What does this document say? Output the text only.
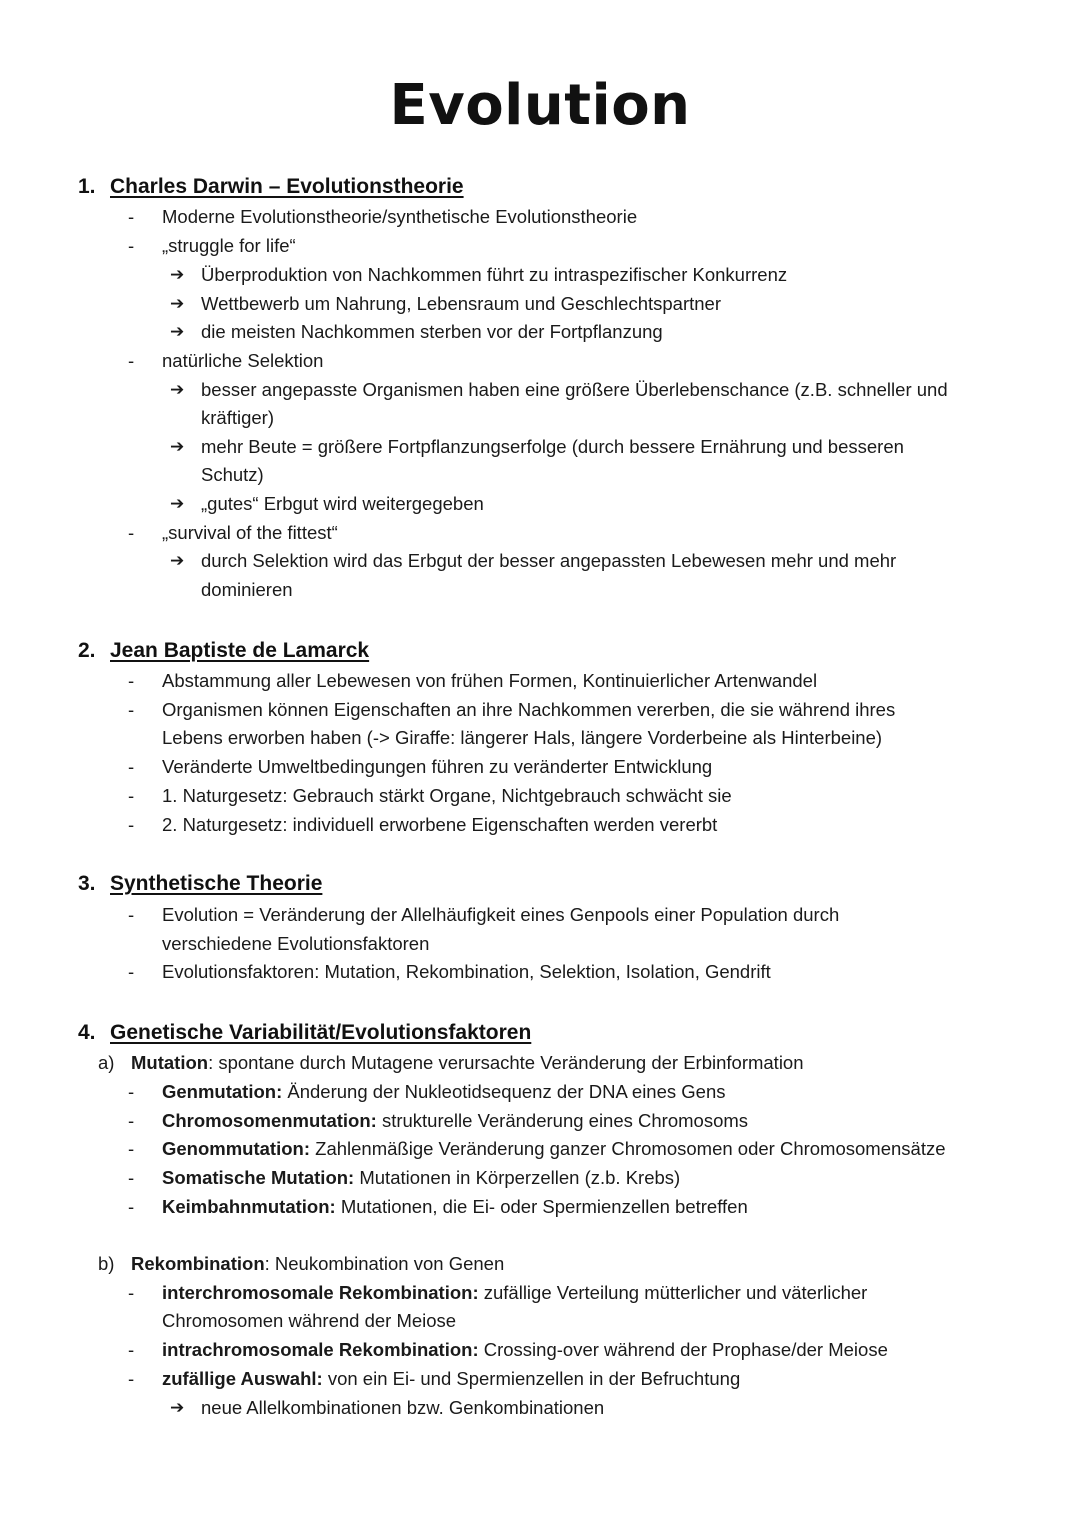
Evolution
1. Charles Darwin – Evolutionstheorie
- Moderne Evolutionstheorie/synthetische Evolutionstheorie
- „struggle for life“
➔ Überproduktion von Nachkommen führt zu intraspezifischer Konkurrenz
➔ Wettbewerb um Nahrung, Lebensraum und Geschlechtspartner
➔ die meisten Nachkommen sterben vor der Fortpflanzung
- natürliche Selektion
➔ besser angepasste Organismen haben eine größere Überlebenschance (z.B. schneller und
kräftiger)
➔ mehr Beute = größere Fortpflanzungserfolge (durch bessere Ernährung und besseren
Schutz)
➔ „gutes“ Erbgut wird weitergegeben
- „survival of the fittest“
➔ durch Selektion wird das Erbgut der besser angepassten Lebewesen mehr und mehr
dominieren
2. Jean Baptiste de Lamarck
- Abstammung aller Lebewesen von frühen Formen, Kontinuierlicher Artenwandel
- Organismen können Eigenschaften an ihre Nachkommen vererben, die sie während ihres
Lebens erworben haben (-> Giraffe: längerer Hals, längere Vorderbeine als Hinterbeine)
- Veränderte Umweltbedingungen führen zu veränderter Entwicklung
- 1. Naturgesetz: Gebrauch stärkt Organe, Nichtgebrauch schwächt sie
- 2. Naturgesetz: individuell erworbene Eigenschaften werden vererbt
3. Synthetische Theorie
- Evolution = Veränderung der Allelhäufigkeit eines Genpools einer Population durch
verschiedene Evolutionsfaktoren
- Evolutionsfaktoren: Mutation, Rekombination, Selektion, Isolation, Gendrift
4. Genetische Variabilität/Evolutionsfaktoren
a) Mutation: spontane durch Mutagene verursachte Veränderung der Erbinformation
- Genmutation: Änderung der Nukleotidsequenz der DNA eines Gens
- Chromosomenmutation: strukturelle Veränderung eines Chromosoms
- Genommutation: Zahlenmäßige Veränderung ganzer Chromosomen oder Chromosomensätze
- Somatische Mutation: Mutationen in Körperzellen (z.b. Krebs)
- Keimbahnmutation: Mutationen, die Ei- oder Spermienzellen betreffen
b) Rekombination: Neukombination von Genen
- interchromosomale Rekombination: zufällige Verteilung mütterlicher und väterlicher
Chromosomen während der Meiose
- intrachromosomale Rekombination: Crossing-over während der Prophase/der Meiose
- zufällige Auswahl: von ein Ei- und Spermienzellen in der Befruchtung
➔ neue Allelkombinationen bzw. Genkombinationen
